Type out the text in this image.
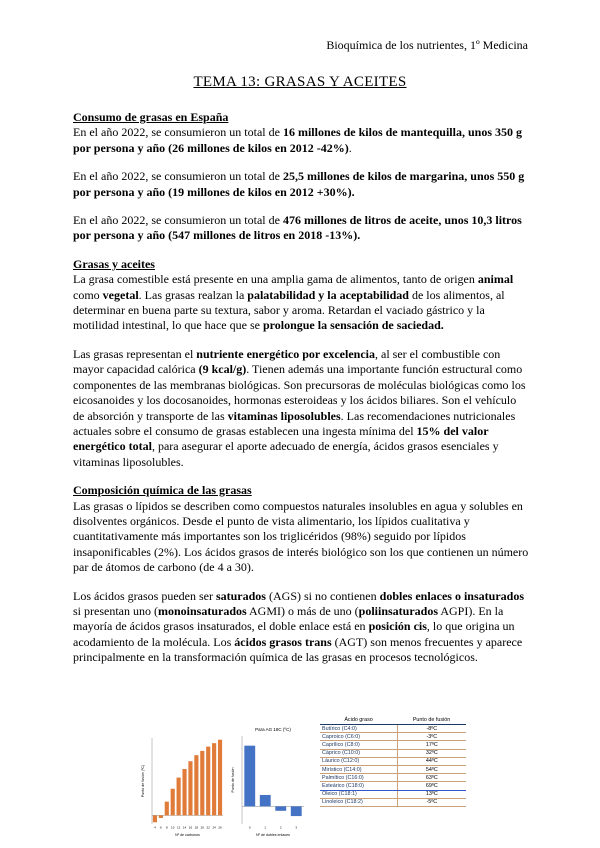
Bioquímica de los nutrientes, 1º Medicina
TEMA 13: GRASAS Y ACEITES

Consumo de grasas en España

En el año 2022, se consumieron un total de 16 millones de kilos de mantequilla, unos 350 g por persona y año (26 millones de kilos en 2012 -42%).

En el año 2022, se consumieron un total de 25,5 millones de kilos de margarina, unos 550 g por persona y año (19 millones de kilos en 2012 +30%).

En el año 2022, se consumieron un total de 476 millones de litros de aceite, unos 10,3 litros por persona y año (547 millones de litros en 2018 -13%).

Grasas y aceites

La grasa comestible está presente en una amplia gama de alimentos, tanto de origen animal como vegetal. Las grasas realzan la palatabilidad y la aceptabilidad de los alimentos, al determinar en buena parte su textura, sabor y aroma. Retardan el vaciado gástrico y la motilidad intestinal, lo que hace que se prolongue la sensación de saciedad.

Las grasas representan el nutriente energético por excelencia, al ser el combustible con mayor capacidad calórica (9 kcal/g). Tienen además una importante función estructural como componentes de las membranas biológicas. Son precursoras de moléculas biológicas como los eicosanoides y los docosanoides, hormonas esteroideas y los ácidos biliares. Son el vehículo de absorción y transporte de las vitaminas liposolubles. Las recomendaciones nutricionales actuales sobre el consumo de grasas establecen una ingesta mínima del 15% del valor energético total, para asegurar el aporte adecuado de energía, ácidos grasos esenciales y vitaminas liposolubles.

Composición química de las grasas

Las grasas o lípidos se describen como compuestos naturales insolubles en agua y solubles en disolventes orgánicos. Desde el punto de vista alimentario, los lípidos cualitativa y cuantitativamente más importantes son los triglicéridos (98%) seguido por lípidos insaponificables (2%). Los ácidos grasos de interés biológico son los que contienen un número par de átomos de carbono (de 4 a 30).

Los ácidos grasos pueden ser saturados (AGS) si no contienen dobles enlaces o insaturados si presentan uno (monoinsaturados AGMI) o más de uno (poliinsaturados AGPI). En la mayoría de ácidos grasos insaturados, el doble enlace está en posición cis, lo que origina un acodamiento de la molécula. Los ácidos grasos trans (AGT) son menos frecuentes y aparece principalmente en la transformación química de las grasas en procesos tecnológicos.

4 6 8 10 12 14 16 18 20 22 24 26
Nº de carbonos
Punto de fusión (ºC)
Para AG 18C (ºC)
0	1	2	3
Nº de dobles enlaces
Punto de fusión
Ácido graso	Punto de fusión
Butírico (C4:0)	-8ºC
Caproico (C6:0)	-3ºC
Caprílico (C8:0)	17ºC
Cáprico (C10:0)	32ºC
Láurico (C12:0)	44ºC
Mirístico (C14:0)	54ºC
Palmítico (C16:0)	63ºC
Esteárico (C18:0)	69ºC
Oleico (C18:1)	13ºC
Linoleico (C18:2)	-5ºC
